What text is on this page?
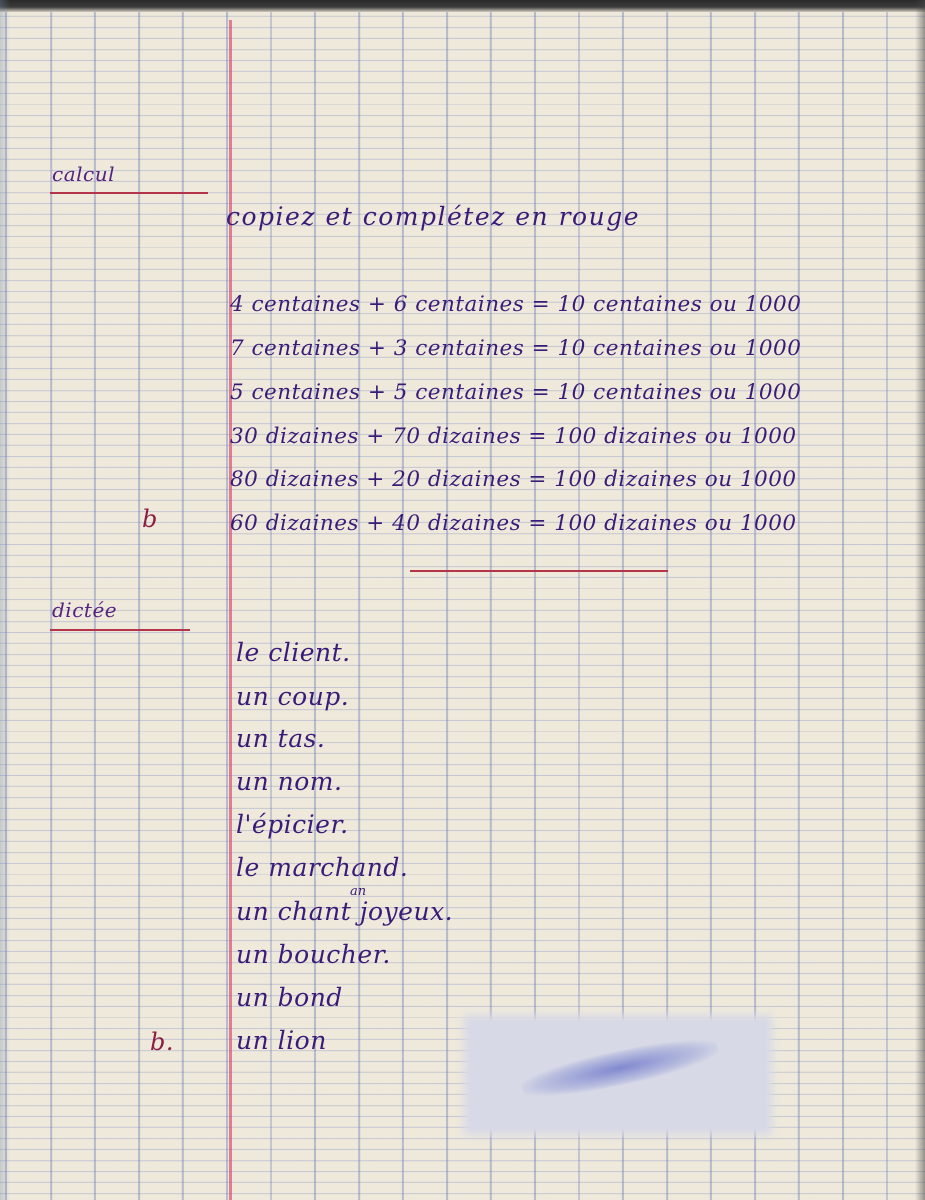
calcul
copiez et complétez en rouge
4 centaines + 6 centaines = 10 centaines ou 1000
7 centaines + 3 centaines = 10 centaines ou 1000
5 centaines + 5 centaines = 10 centaines ou 1000
30 dizaines + 70 dizaines = 100 dizaines ou 1000
80 dizaines + 20 dizaines = 100 dizaines ou 1000
60 dizaines + 40 dizaines = 100 dizaines ou 1000
b
dictée
le client.
un coup.
un tas.
un nom.
l'épicier.
le marchand.
an
un chant joyeux.
un boucher.
un bond
un lion
b.
